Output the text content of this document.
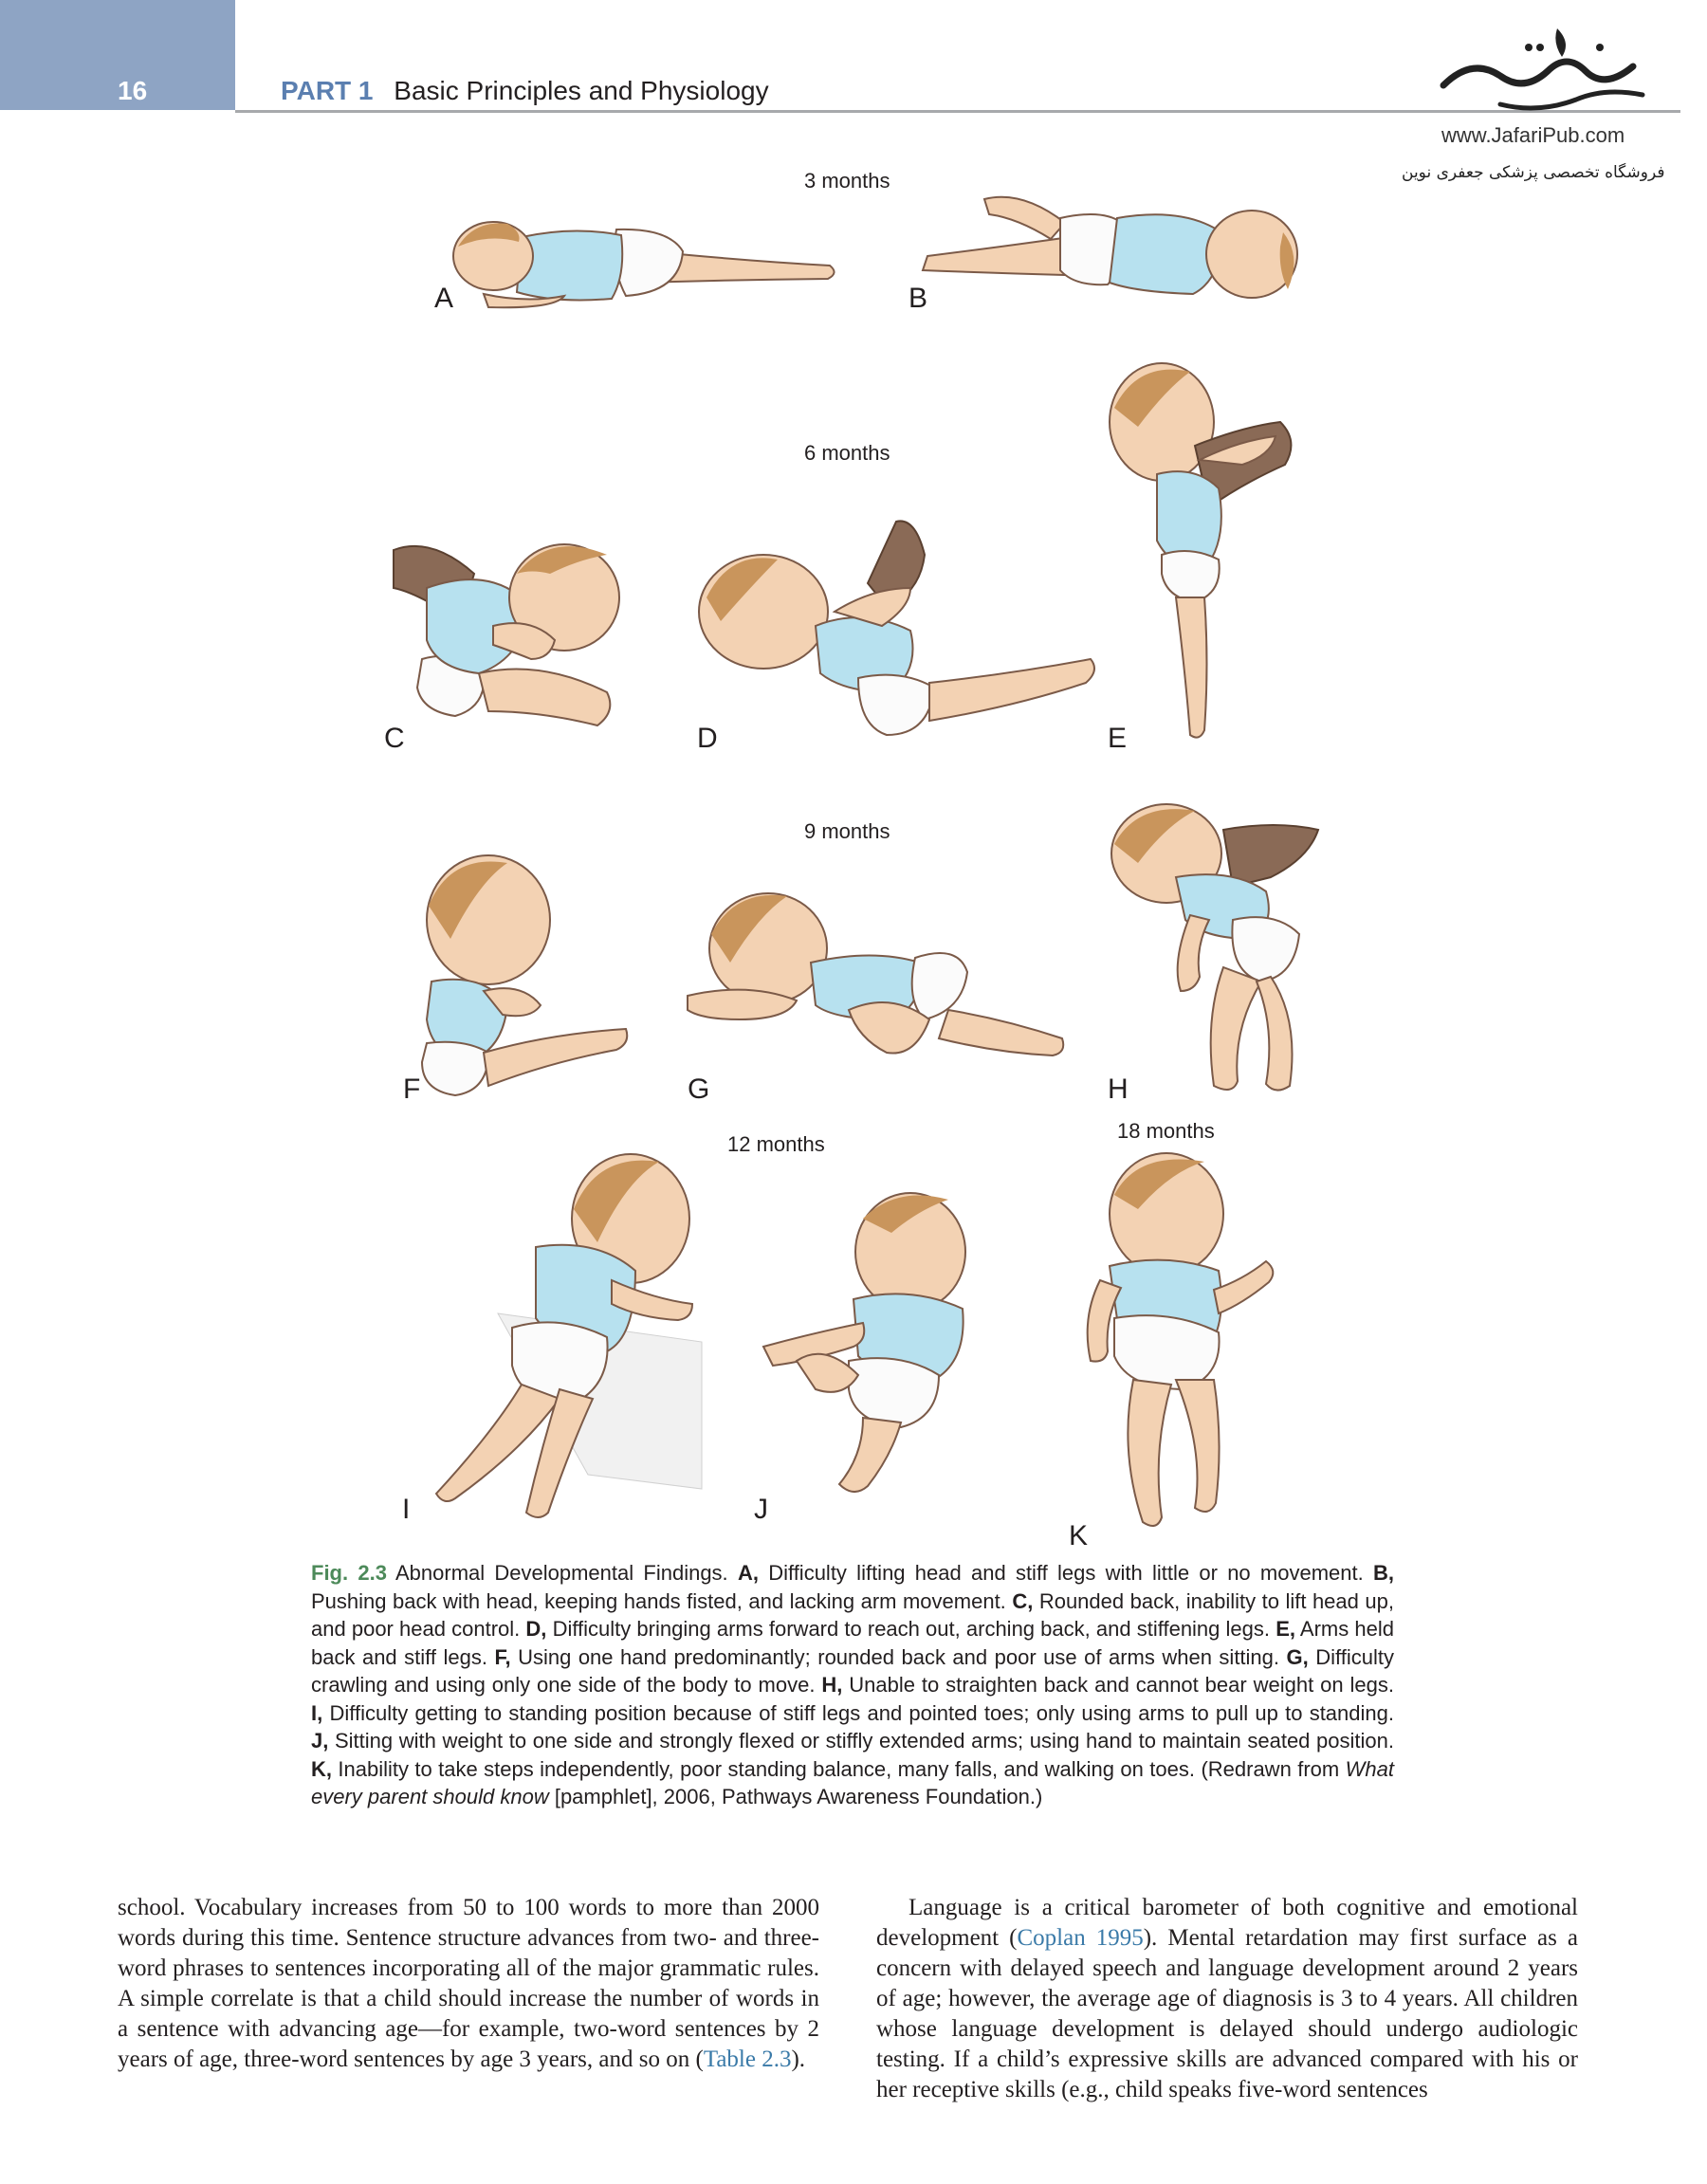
16	PART 1 Basic Principles and Physiology
www.JafariPub.com
فروشگاه تخصصی پزشکی جعفری نوین
3 months
6 months
9 months
12 months
18 months
A	B
C	D	E
F	G	H
I	J
K
Fig. 2.3 Abnormal Developmental Findings. A, Difficulty lifting head and stiff legs with little or no movement. B, Pushing back with head, keeping hands fisted, and lacking arm movement. C, Rounded back, inability to lift head up, and poor head control. D, Difficulty bringing arms forward to reach out, arching back, and stiffening legs. E, Arms held back and stiff legs. F, Using one hand predominantly; rounded back and poor use of arms when sitting. G, Difficulty crawling and using only one side of the body to move. H, Unable to straighten back and cannot bear weight on legs. I, Difficulty getting to standing position because of stiff legs and pointed toes; only using arms to pull up to standing. J, Sitting with weight to one side and strongly flexed or stiffly extended arms; using hand to maintain seated position. K, Inability to take steps independently, poor standing balance, many falls, and walking on toes. (Redrawn from What every parent should know [pamphlet], 2006, Pathways Awareness Foundation.)
school. Vocabulary increases from 50 to 100 words to more than 2000 words during this time. Sentence structure advances from two- and three-word phrases to sentences incorporating all of the major grammatic rules. A simple correlate is that a child should increase the number of words in a sentence with advancing age—for example, two-word sentences by 2 years of age, three-word sentences by age 3 years, and so on (Table 2.3).
Language is a critical barometer of both cognitive and emotional development (Coplan 1995). Mental retardation may first surface as a concern with delayed speech and language development around 2 years of age; however, the average age of diagnosis is 3 to 4 years. All children whose language development is delayed should undergo audiologic testing. If a child’s expressive skills are advanced compared with his or her receptive skills (e.g., child speaks five-word sentences
